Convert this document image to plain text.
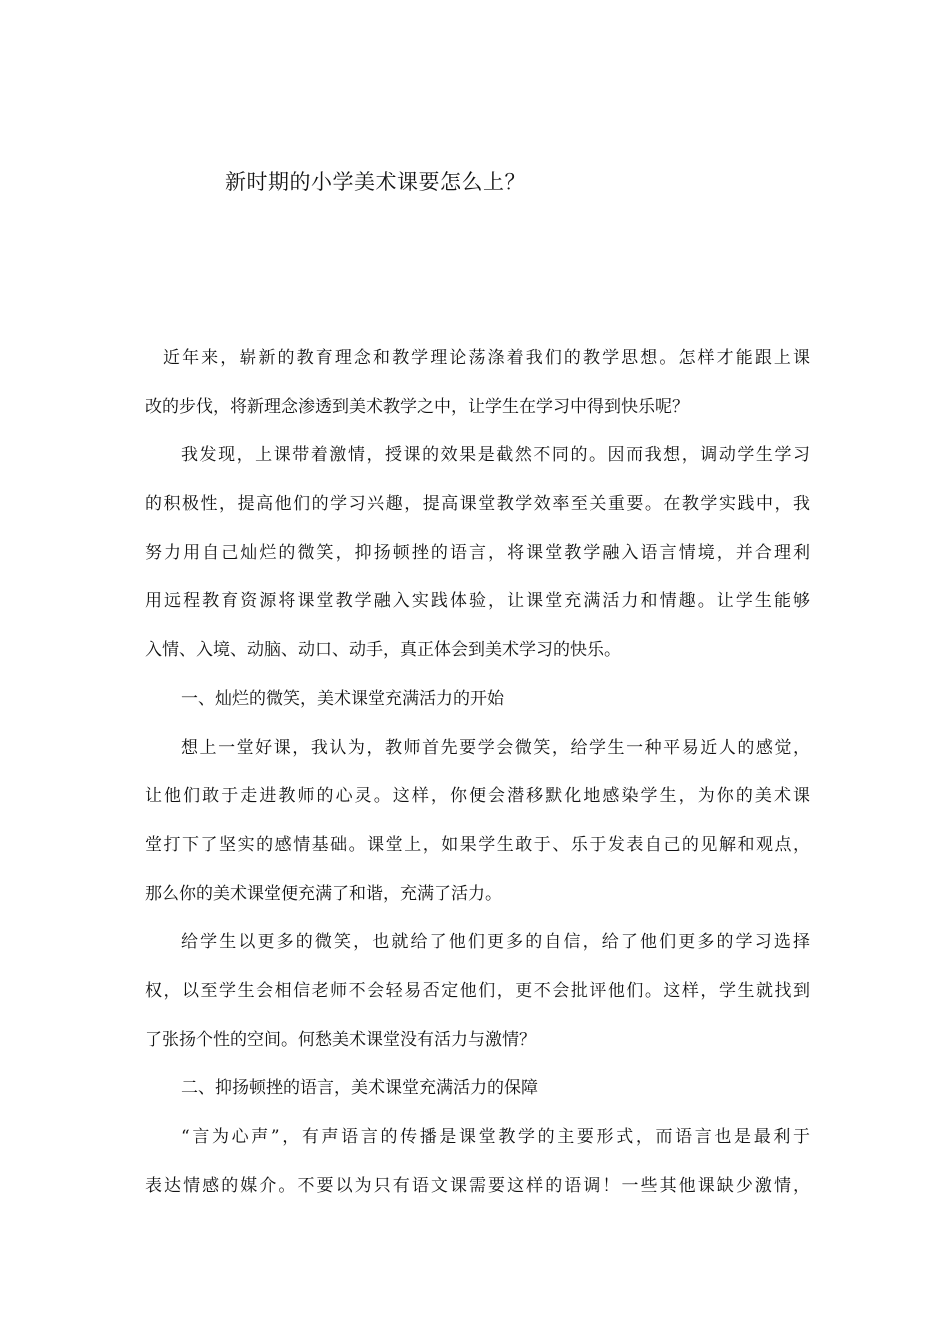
新时期的小学美术课要怎么上？
近年来，崭新的教育理念和教学理论荡涤着我们的教学思想。怎样才能跟上课
改的步伐，将新理念渗透到美术教学之中，让学生在学习中得到快乐呢？
我发现，上课带着激情，授课的效果是截然不同的。因而我想，调动学生学习
的积极性，提高他们的学习兴趣，提高课堂教学效率至关重要。在教学实践中，我
努力用自己灿烂的微笑，抑扬顿挫的语言，将课堂教学融入语言情境，并合理利
用远程教育资源将课堂教学融入实践体验，让课堂充满活力和情趣。让学生能够
入情、入境、动脑、动口、动手，真正体会到美术学习的快乐。
一、灿烂的微笑，美术课堂充满活力的开始
想上一堂好课，我认为，教师首先要学会微笑，给学生一种平易近人的感觉，
让他们敢于走进教师的心灵。这样，你便会潜移默化地感染学生，为你的美术课
堂打下了坚实的感情基础。课堂上，如果学生敢于、乐于发表自己的见解和观点，
那么你的美术课堂便充满了和谐，充满了活力。
给学生以更多的微笑，也就给了他们更多的自信，给了他们更多的学习选择
权，以至学生会相信老师不会轻易否定他们，更不会批评他们。这样，学生就找到
了张扬个性的空间。何愁美术课堂没有活力与激情？
二、抑扬顿挫的语言，美术课堂充满活力的保障
“言为心声”，有声语言的传播是课堂教学的主要形式，而语言也是最利于
表达情感的媒介。不要以为只有语文课需要这样的语调！一些其他课缺少激情，
